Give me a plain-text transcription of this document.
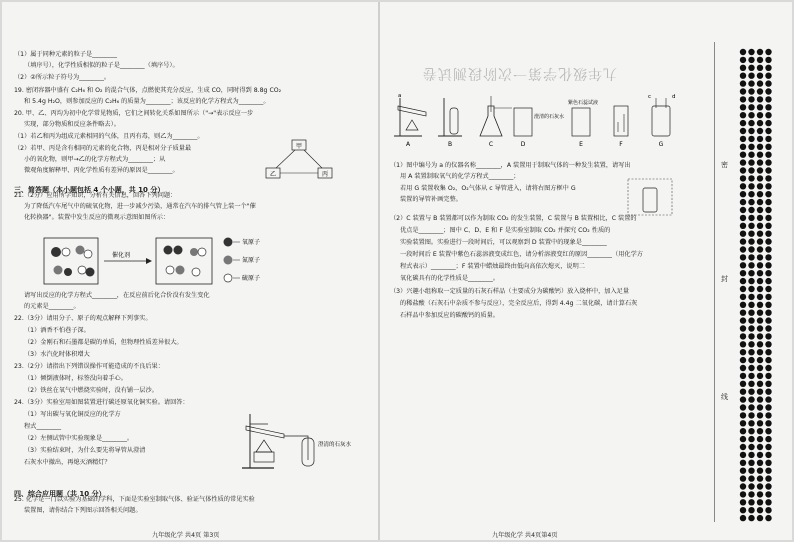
三、简答题（本小题包括 4 个小题，共 10 分）
四、综合应用题（共 10 分）
甲
乙	丙
催化剂
氧原子
氮原子
硫原子
澄清的石灰水
九年级化学 共4页 第3页
（1）属于同种元素的粒子是________
（填序号），化学性质相似的粒子是________（填序号）。
（2）②所示粒子符号为________。
19. 密闭容器中盛有 C₂H₆ 和 O₂ 的混合气体，点燃使其充分反应，生成 CO，同时得到 8.8g CO₂
和 5.4g H₂O，则参加反应的 C₂H₆ 的质量为________；该反应的化学方程式为________。
20. 甲、乙、丙均为初中化学常见物质，它们之间转化关系如图所示（"→"表示反应一步
实现，部分物质和反应条件略去）。
（1）若乙和丙为组成元素相同的气体，且丙有毒，则乙为________。
（2）若甲、丙是含有相同的元素的化合物，丙是相对分子质量最
小的氧化物，则甲→乙的化学方程式为________；从
微观角度解释甲、丙化学性质有差异的原因是________。
21.（2分）应用所学知识，分析有关信息，回答下列问题：
为了降低汽车尾气中的硫氧化物，进一步减少污染，通常在汽车的排气管上装一个"催
化转换器"。装置中发生反应的微观示意图如图所示：
请写出反应的化学方程式________，在反应前后化合价没有发生变化
的元素是________。
22.（3分）请用分子、原子的观点解释下列事实。
（1）酒香不怕巷子深。
（2）金刚石和石墨都是碳的单质，但物理性质差异很大。
（3）水汽化时体积增大
23.（2分）请指出下列错误操作可能造成的不良后果：
（1）倾倒液体时，标签没向着手心。
（2）铁丝在氧气中燃烧实验时，没有铺一层沙。
24.（3分）实验室用如图装置进行碳还原氧化铜实验。请回答：
（1）写出碳与氧化铜反应的化学方
程式________
（2）左侧试管中实验现象是________。
（3）实验结束时，为什么要先将导管从澄清
石灰水中撤出，再熄灭酒精灯？
25. 化学是一门以实验为基础的学科，下面是实验室制取气体、验证气体性质的常见实验
装置图，请你结合下列图示回答相关问题。
a
澄清的石灰水
紫色石蕊试液
c	d
A	B	C	D	E	F	G
九年级化学 共4页第4页
（1）图中编号为 a 的仪器名称________，A 装置用于制取气体的一种发生装置，请写出
用 A 装置制取氧气的化学方程式________；
若用 G 装置收集 O₂，O₂气体从 c 导管进入，请将右图方框中 G
装置的导管补画完整。
（2）C 装置与 B 装置都可以作为制取 CO₂ 的发生装置，C 装置与 B 装置相比，C 装置的
优点是________；图中 C、D、E 和 F 是实验室制取 CO₂ 并探究 CO₂ 性质的
实验装置图。实验进行一段时间后，可以观察到 D 装置中的现象是________
一段时间后 E 装置中紫色石蕊溶液变成红色，请分析溶液变红的原因________（用化学方
程式表示）________；F 装置中蜡烛最终由低向高依次熄灭，说明二
氧化碳具有的化学性质是________。
（3）兴趣小组称取一定质量的石灰石样品（主要成分为碳酸钙）放入烧杯中，加入足量
的稀盐酸（石灰石中杂质不参与反应），完全反应后，得到 4.4g 二氧化碳，请计算石灰
石样品中参加反应的碳酸钙的质量。
九年级化学第一次阶段测试卷
密
封
线
